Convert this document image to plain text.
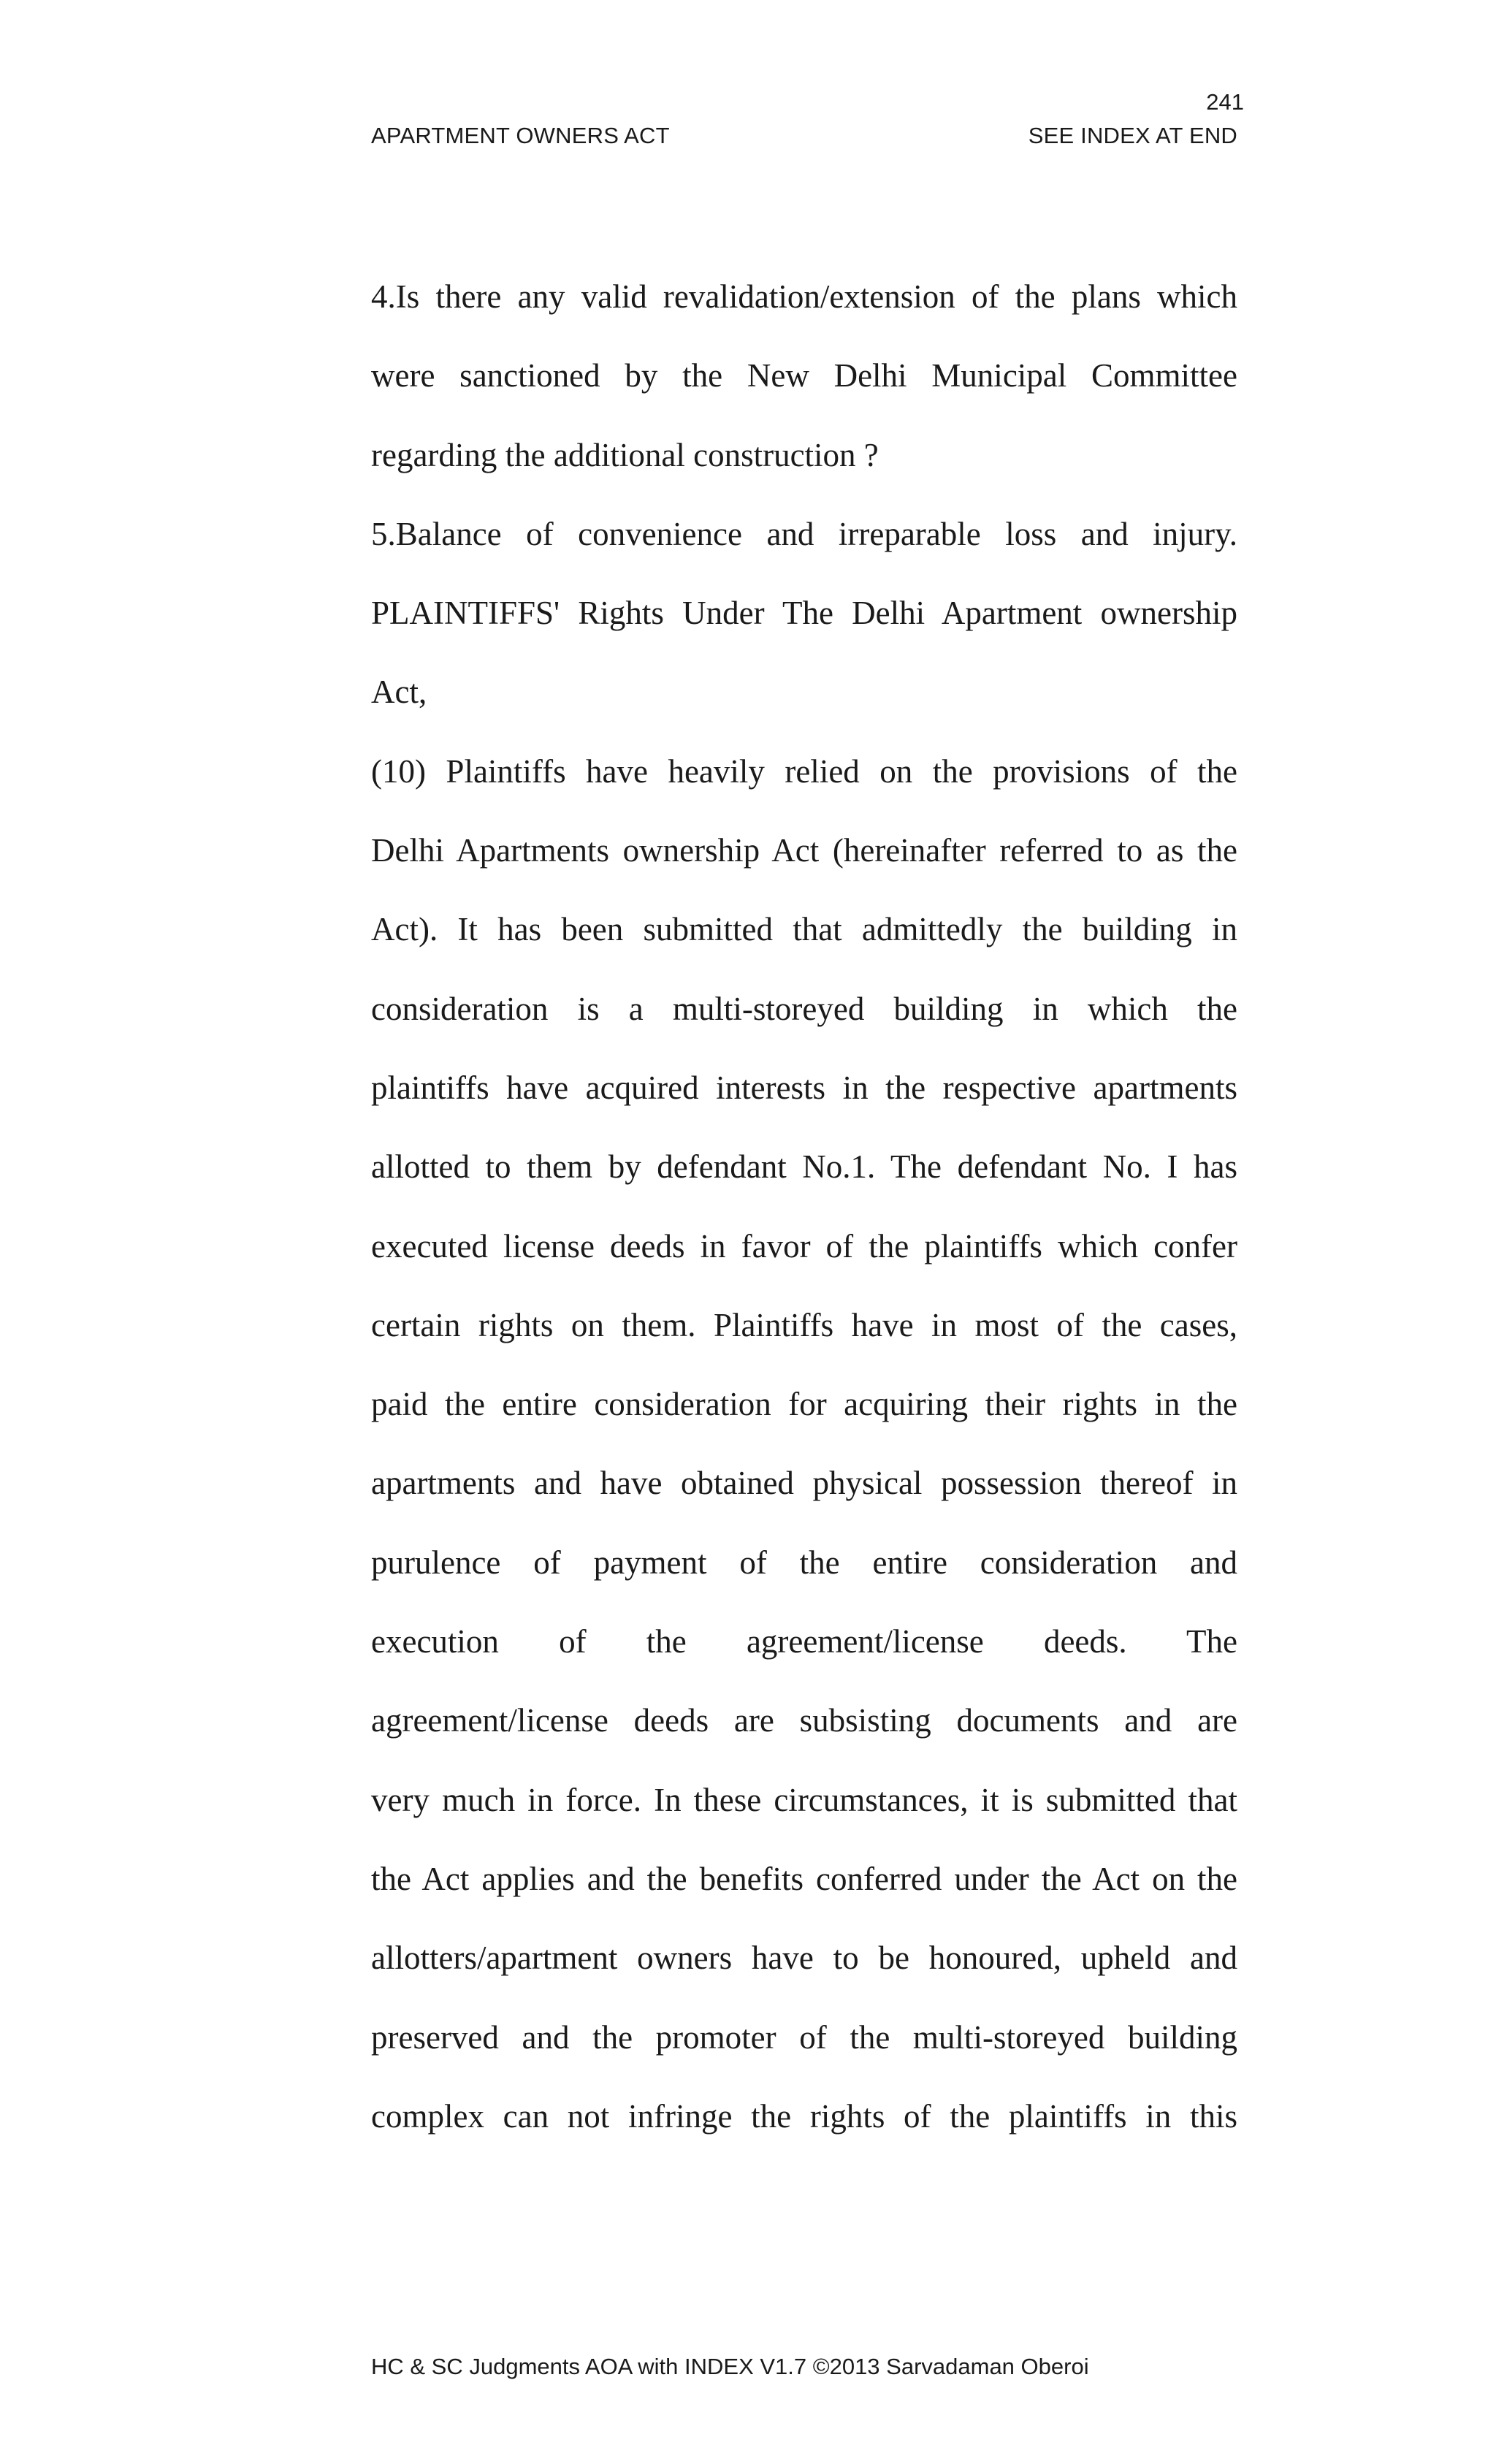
241
APARTMENT OWNERS ACT	SEE INDEX AT END

4.Is there any valid revalidation/extension of the plans which
were sanctioned by the New Delhi Municipal Committee
regarding the additional construction ?

5.Balance of convenience and irreparable loss and injury.

PLAINTIFFS' Rights Under The Delhi Apartment ownership
Act,

(10) Plaintiffs have heavily relied on the provisions of the
Delhi Apartments ownership Act (hereinafter referred to as the
Act). It has been submitted that admittedly the building in
consideration is a multi-storeyed building in which the
plaintiffs have acquired interests in the respective apartments
allotted to them by defendant No.1. The defendant No. I has
executed license deeds in favor of the plaintiffs which confer
certain rights on them. Plaintiffs have in most of the cases,
paid the entire consideration for acquiring their rights in the
apartments and have obtained physical possession thereof in
purulence of payment of the entire consideration and
execution of the agreement/license deeds. The
agreement/license deeds are subsisting documents and are
very much in force. In these circumstances, it is submitted that
the Act applies and the benefits conferred under the Act on the
allotters/apartment owners have to be honoured, upheld and
preserved and the promoter of the multi-storeyed building
complex can not infringe the rights of the plaintiffs in this

HC & SC Judgments AOA with INDEX V1.7 ©2013 Sarvadaman Oberoi
